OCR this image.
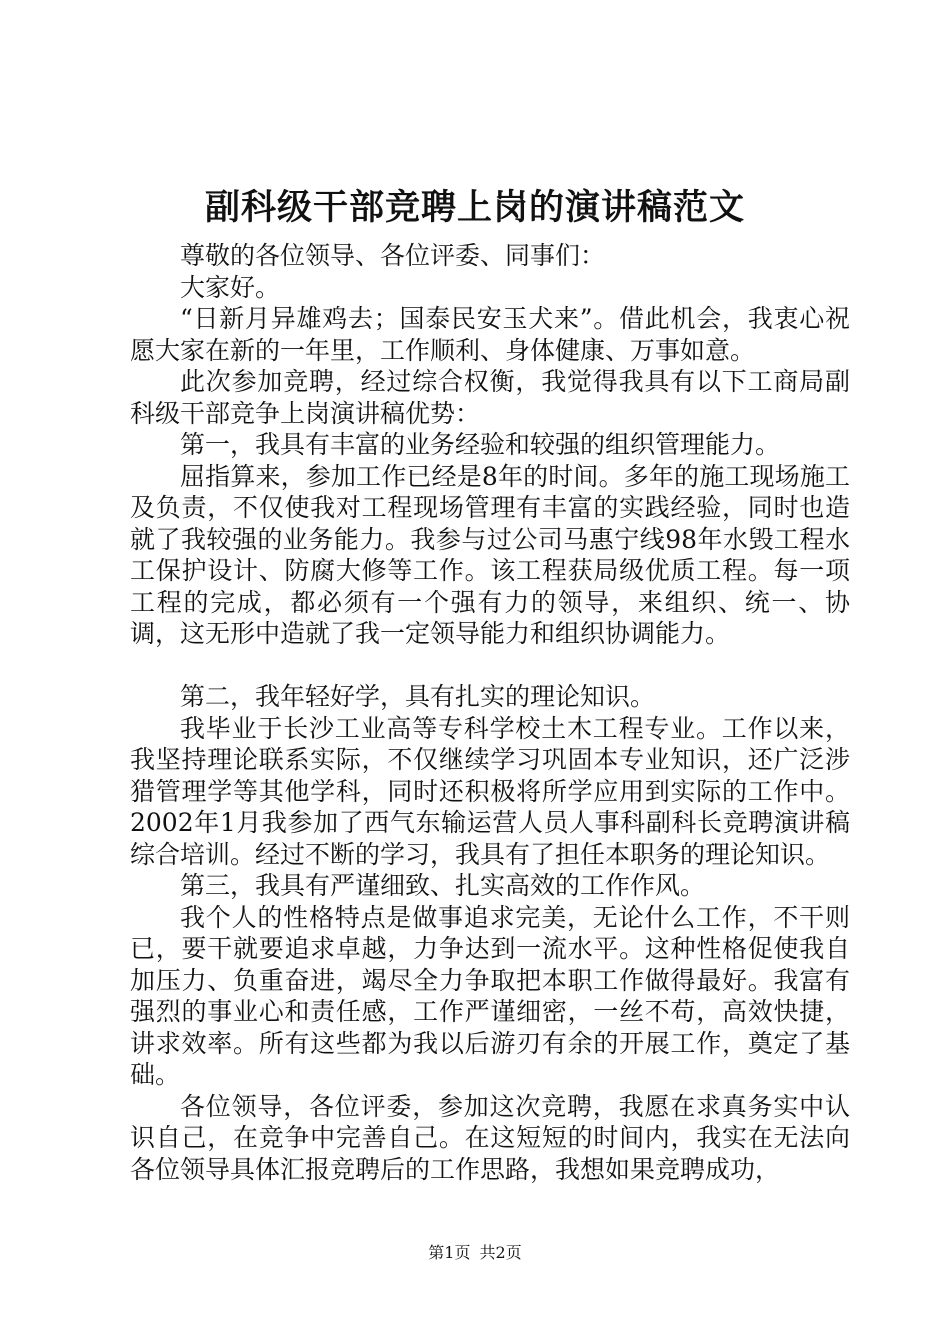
副科级干部竞聘上岗的演讲稿范文

尊敬的各位领导、各位评委、同事们：

大家好。

“日新月异雄鸡去；国泰民安玉犬来”。借此机会，我衷心祝愿大家在新的一年里，工作顺利、身体健康、万事如意。

此次参加竞聘，经过综合权衡，我觉得我具有以下工商局副科级干部竞争上岗演讲稿优势：

第一，我具有丰富的业务经验和较强的组织管理能力。

屈指算来，参加工作已经是8年的时间。多年的施工现场施工及负责，不仅使我对工程现场管理有丰富的实践经验，同时也造就了我较强的业务能力。我参与过公司马惠宁线98年水毁工程水工保护设计、防腐大修等工作。该工程获局级优质工程。每一项工程的完成，都必须有一个强有力的领导，来组织、统一、协调，这无形中造就了我一定领导能力和组织协调能力。

第二，我年轻好学，具有扎实的理论知识。

我毕业于长沙工业高等专科学校土木工程专业。工作以来，我坚持理论联系实际，不仅继续学习巩固本专业知识，还广泛涉猎管理学等其他学科，同时还积极将所学应用到实际的工作中。2002年1月我参加了西气东输运营人员人事科副科长竞聘演讲稿综合培训。经过不断的学习，我具有了担任本职务的理论知识。

第三，我具有严谨细致、扎实高效的工作作风。

我个人的性格特点是做事追求完美，无论什么工作，不干则已，要干就要追求卓越，力争达到一流水平。这种性格促使我自加压力、负重奋进，竭尽全力争取把本职工作做得最好。我富有强烈的事业心和责任感，工作严谨细密，一丝不苟，高效快捷，讲求效率。所有这些都为我以后游刃有余的开展工作，奠定了基础。

各位领导，各位评委，参加这次竞聘，我愿在求真务实中认识自己，在竞争中完善自己。在这短短的时间内，我实在无法向各位领导具体汇报竞聘后的工作思路，我想如果竞聘成功，

第1页 共2页
